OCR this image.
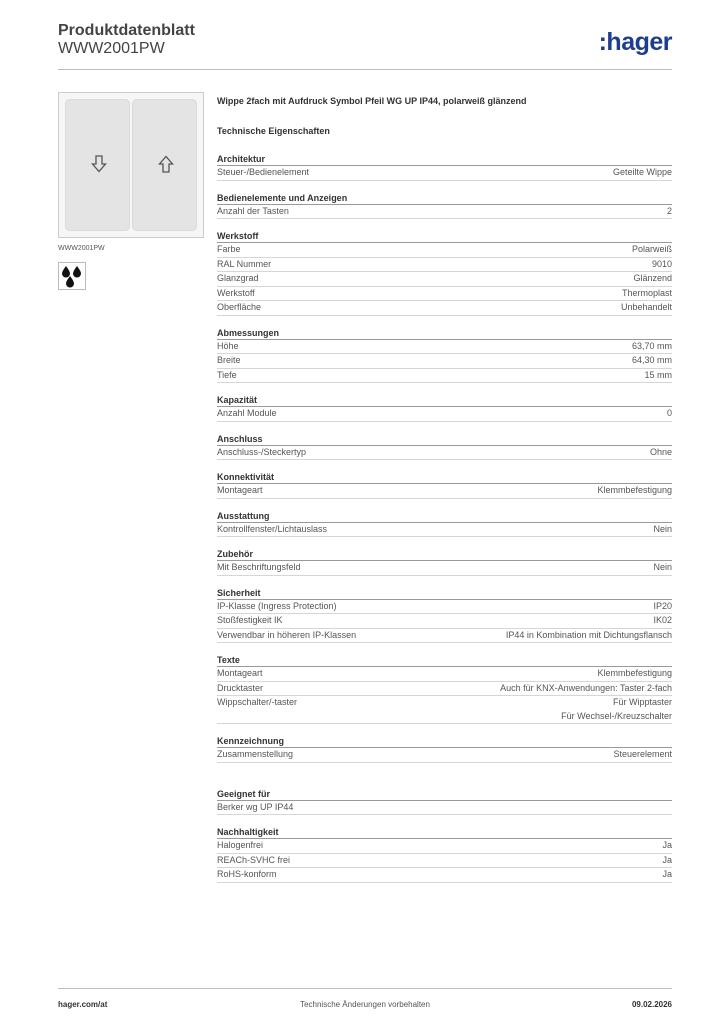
Produktdatenblatt
WWW2001PW	:hager
WWW2001PW
Wippe 2fach mit Aufdruck Symbol Pfeil WG UP IP44, polarweiß glänzend
Technische Eigenschaften
Architektur
Steuer-/Bedienelement	Geteilte Wippe
Bedienelemente und Anzeigen
Anzahl der Tasten	2
Werkstoff
Farbe	Polarweiß
RAL Nummer	9010
Glanzgrad	Glänzend
Werkstoff	Thermoplast
Oberfläche	Unbehandelt
Abmessungen
Höhe	63,70 mm
Breite	64,30 mm
Tiefe	15 mm
Kapazität
Anzahl Module	0
Anschluss
Anschluss-/Steckertyp	Ohne
Konnektivität
Montageart	Klemmbefestigung
Ausstattung
Kontrollfenster/Lichtauslass	Nein
Zubehör
Mit Beschriftungsfeld	Nein
Sicherheit
IP-Klasse (Ingress Protection)	IP20
Stoßfestigkeit IK	IK02
Verwendbar in höheren IP-Klassen	IP44 in Kombination mit Dichtungsflansch
Texte
Montageart	Klemmbefestigung
Drucktaster	Auch für KNX-Anwendungen: Taster 2-fach
Wippschalter/-taster	Für Wipptaster
Für Wechsel-/Kreuzschalter
Kennzeichnung
Zusammenstellung	Steuerelement
Geeignet für
Berker wg UP IP44
Nachhaltigkeit
Halogenfrei	Ja
REACh-SVHC frei	Ja
RoHS-konform	Ja
hager.com/at	Technische Änderungen vorbehalten	09.02.2026
